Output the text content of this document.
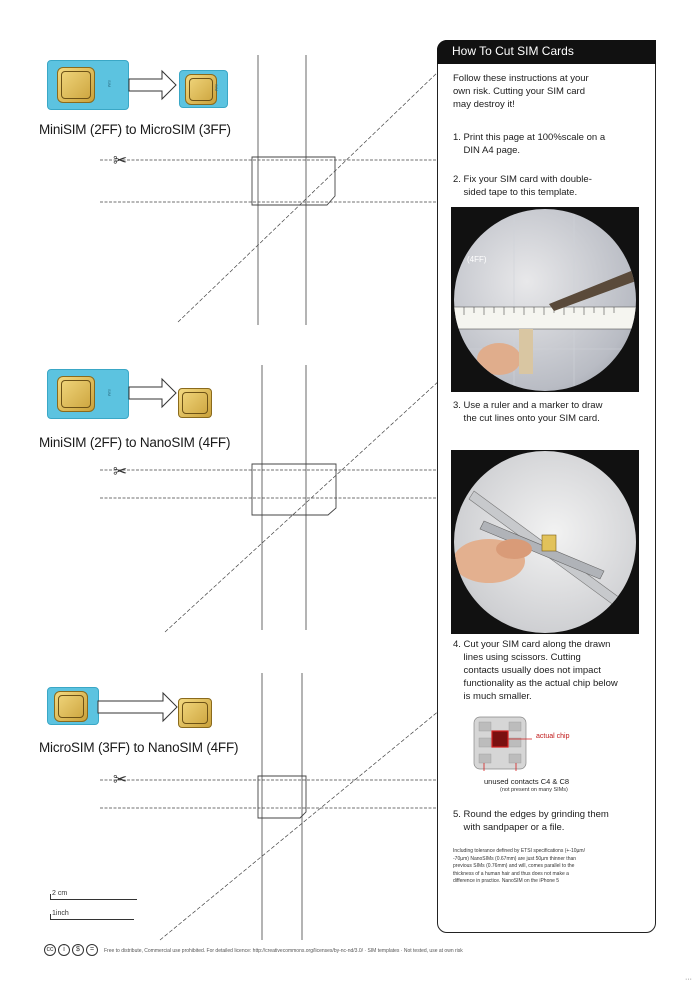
SIM
SIM
MiniSIM (2FF) to MicroSIM (3FF)
✂
SIM
MiniSIM (2FF) to NanoSIM (4FF)
✂
MicroSIM (3FF) to NanoSIM (4FF)
✂
2 cm
1inch
How To Cut SIM Cards
Follow these instructions at your
own risk. Cutting your SIM card
may destroy it!
1. Print this page at 100%scale on a
DIN A4 page.
2. Fix your SIM card with double-
sided tape to this template.
(4FF)
3. Use a ruler and a marker to draw
the cut lines onto your SIM card.
4. Cut your SIM card along the drawn
lines using scissors. Cutting
contacts usually does not impact
functionality as the actual chip below
is much smaller.
actual chip
unused contacts C4 & C8
(not present on many SIMs)
5. Round the edges by grinding them
with sandpaper or a file.
Including tolerance defined by ETSI specifications (+-10µm/
-70µm) NanoSIMs (0.67mm) are just 50µm thinner than
previous SIMs (0.76mm) and will, comes parallel to the
thickness of a human hair and thus does not make a
difference in practice. NanoSIM on the iPhone 5
cc	i	$	=	Free to distribute, Commercial use prohibited. For detailed licence: http://creativecommons.org/licenses/by-nc-nd/3.0/ · SIM templates · Not tested, use at own risk
···
